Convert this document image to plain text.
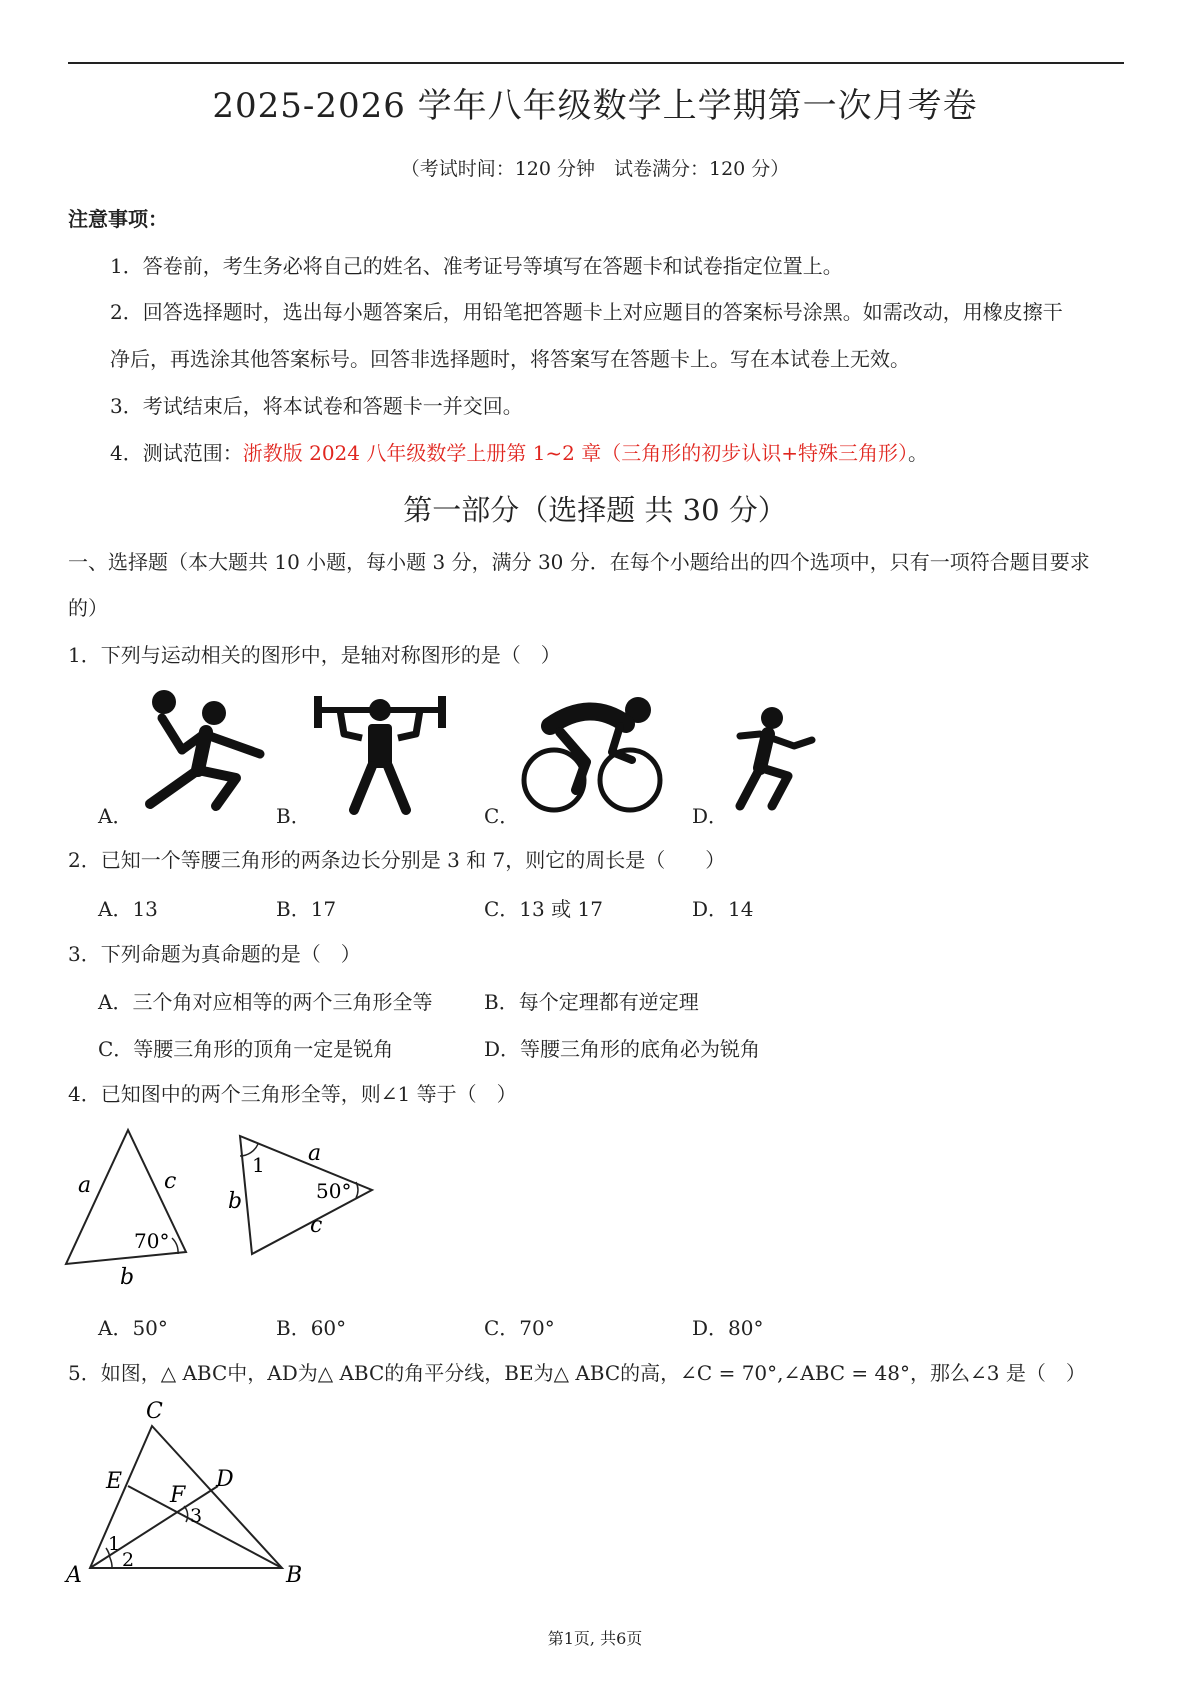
2025-2026 学年八年级数学上学期第一次月考卷
（考试时间：120 分钟　试卷满分：120 分）
注意事项：
1．答卷前，考生务必将自己的姓名、准考证号等填写在答题卡和试卷指定位置上。
2．回答选择题时，选出每小题答案后，用铅笔把答题卡上对应题目的答案标号涂黑。如需改动，用橡皮擦干
净后，再选涂其他答案标号。回答非选择题时，将答案写在答题卡上。写在本试卷上无效。
3．考试结束后，将本试卷和答题卡一并交回。
4．测试范围：浙教版 2024 八年级数学上册第 1~2 章（三角形的初步认识+特殊三角形）。
第一部分（选择题 共 30 分）
一、选择题（本大题共 10 小题，每小题 3 分，满分 30 分．在每个小题给出的四个选项中，只有一项符合题目要求
的）
1．下列与运动相关的图形中，是轴对称图形的是（　）
A．	B．	C．	D．
2．已知一个等腰三角形的两条边长分别是 3 和 7，则它的周长是（　　）
A．13	B．17	C．13 或 17	D．14
3．下列命题为真命题的是（　）
A．三个角对应相等的两个三角形全等	B．每个定理都有逆定理
C．等腰三角形的顶角一定是锐角	D．等腰三角形的底角必为锐角
4．已知图中的两个三角形全等，则∠1 等于（　）
a	c
b
70°
1 a
b
c
50°
A．50°	B．60°	C．70°	D．80°
5．如图，△ ABC中，AD为△ ABC的角平分线，BE为△ ABC的高，∠C = 70°,∠ABC = 48°，那么∠3 是（　）
C
E	D
F
3
1
2
A	B
第1页, 共6页
